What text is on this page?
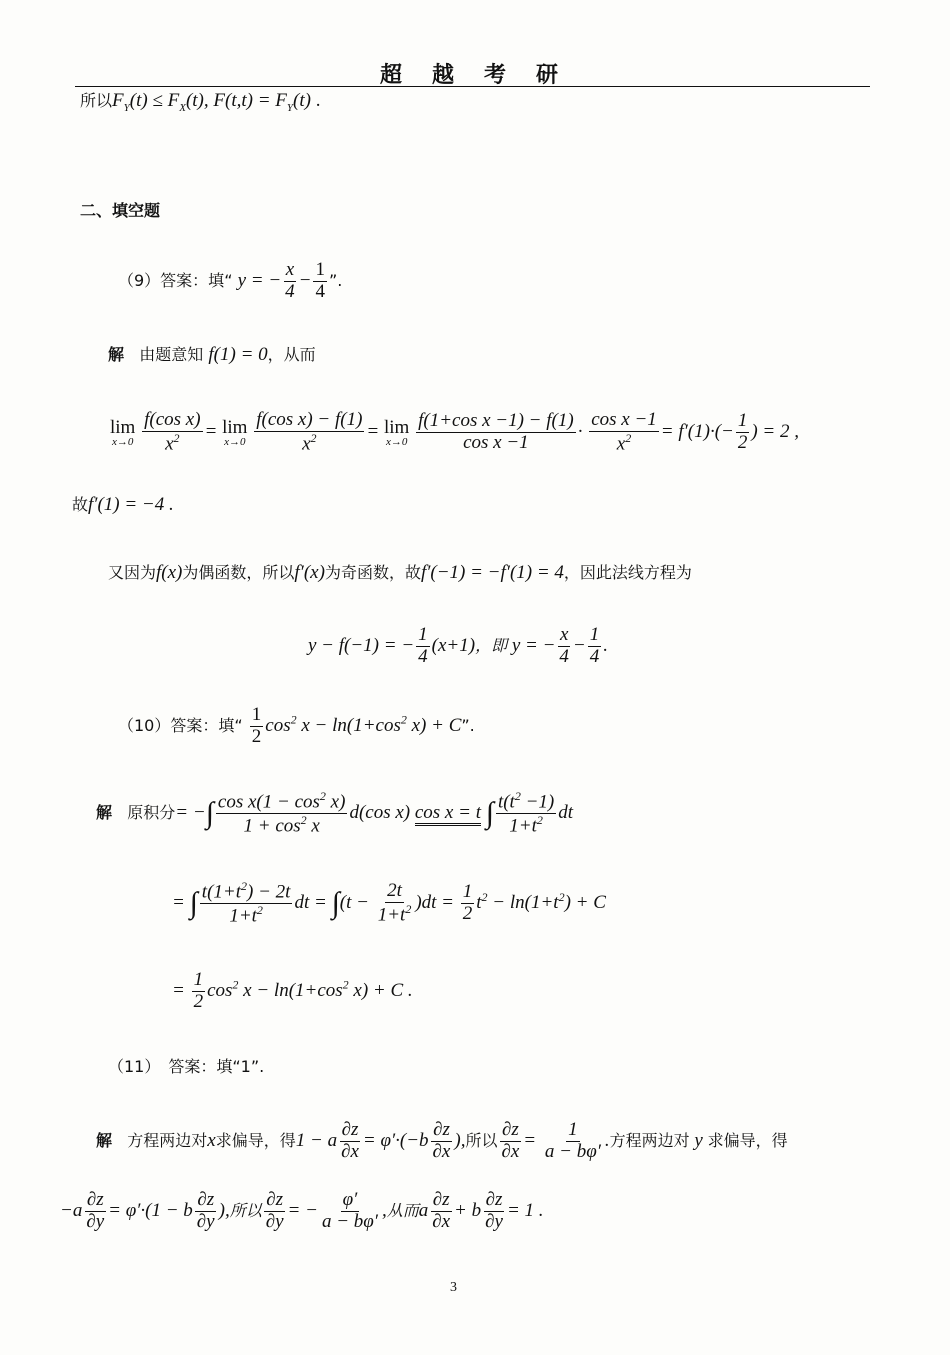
超　越　考　研
所以$F_Y(t) \le F_X(t)$, $F(t,t) = F_Y(t)$ .
二、填空题
（9）答案：填“ y = − $\frac{x}{4} - \frac{1}{4}$ ”.
解 由题意知 f(1) = 0，从而
lim
x→0
$\frac{\text{f(cos x)}}{x^2} = \lim$
x→0
$\frac{\text{f(cos x) − f(1)}}{x^2} = \lim$
x→0
$\frac{\text{f(1+cos x −1) − f(1)}}{\text{cos x −1}} \cdot \frac{\text{cos x −1}}{x^2} = f'(1)\cdot(- \frac{1}{2}$ ) = 2 ,
故f′(1) = −4 .
又因为f(x)为偶函数，所以f′(x)为奇函数，故f′(−1) = −f′(1) = 4，因此法线方程为
y − f(−1) = − $\frac{1}{4} (x+1)$，即 y = − $\frac{x}{4} - \frac{1}{4}$ .
（10）答案：填“ $\frac{1}{2} \cos^2 x - \ln(1+\cos^2$ x) + C”.
解 原积分= −∫ $\frac{\cos x(1 - \cos^2 x)}{1 + \cos^2 x} d(\cos$ x) cos x = t ∫ $\frac{t(t^2 -1)}{1+t^2}$ dt
= ∫ $\frac{t(1+t^2) - 2t}{1+t^2}$ dt = $\int(t - \frac{2t}{1+t^2} )dt = \frac{1}{2} t^2 - \ln(1+t^2) + C$
= $\frac{1}{2} \cos^2 x - \ln(1+\cos^2$ x) + C .
（11）　答案：填“1”.
解 方程两边对x求偏导，得1 − a $\frac{\partial z}{\partial x} = \varphi'\cdot(-b \frac{\partial z}{\partial x}$ ),所以 $\frac{\partial z}{\partial x} = \frac{1}{a - b\varphi'}$ .方程两边对 y 求偏导，得
$-a \frac{\partial z}{\partial y} = \varphi'\cdot(1 - b \frac{\partial z}{\partial y}$ ),所以 $\frac{\partial z}{\partial y}$ = − $\frac{\varphi'}{a - b\varphi'}$ ,从而a $\frac{\partial z}{\partial x} + b \frac{\partial z}{\partial y} = 1$ .
3
